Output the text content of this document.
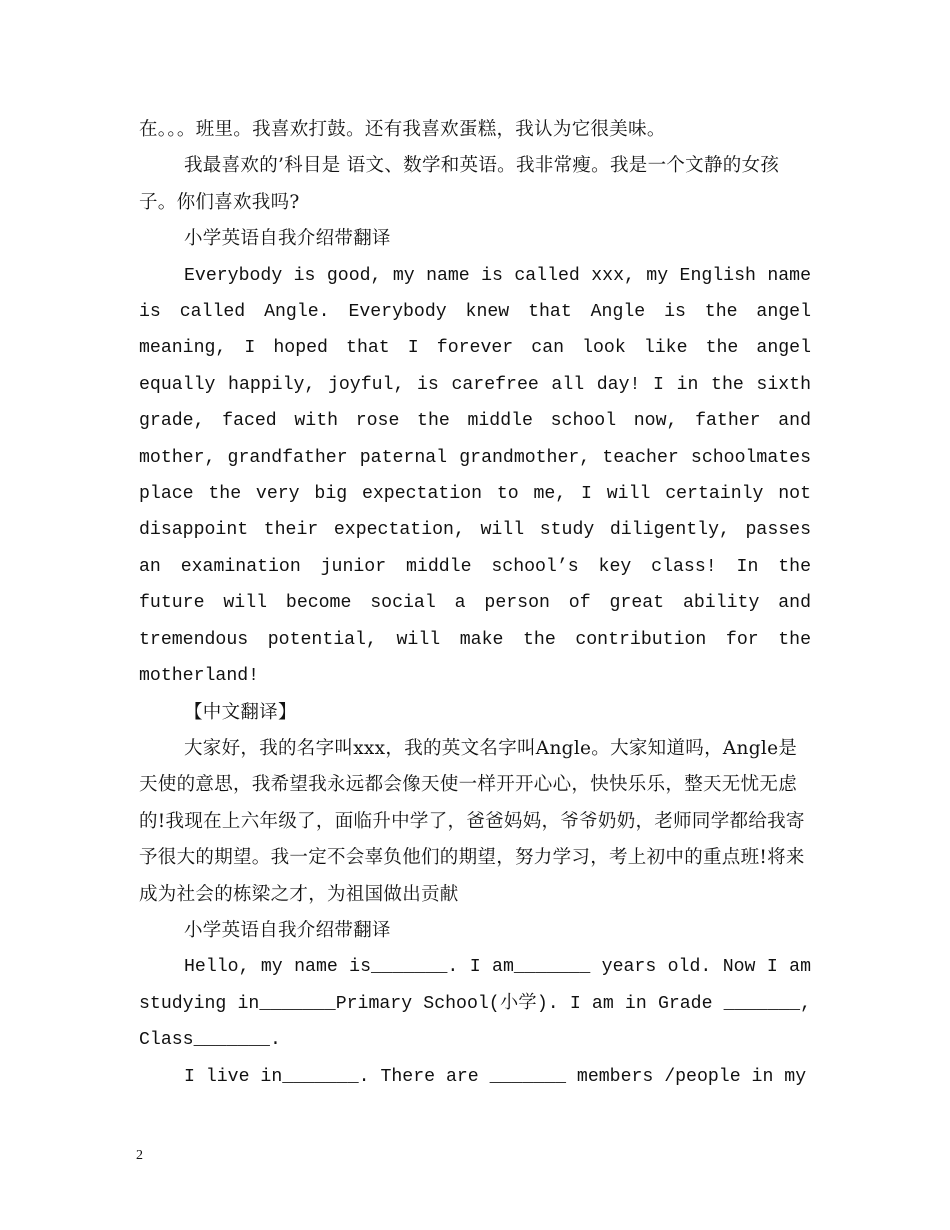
在。。。班里。我喜欢打鼓。还有我喜欢蛋糕，我认为它很美味。

我最喜欢的’科目是 语文、数学和英语。我非常瘦。我是一个文静的女孩子。你们喜欢我吗?

小学英语自我介绍带翻译

Everybody is good, my name is called xxx, my English name is called Angle. Everybody knew that Angle is the angel meaning, I hoped that I forever can look like the angel equally happily, joyful, is carefree all day! I in the sixth grade, faced with rose the middle school now, father and mother, grandfather paternal grandmother, teacher schoolmates place the very big expectation to me, I will certainly not disappoint their expectation, will study diligently, passes an examination junior middle school’s key class! In the future will become social a person of great ability and tremendous potential, will make the contribution for the motherland!

【中文翻译】

大家好，我的名字叫xxx，我的英文名字叫Angle。大家知道吗，Angle是天使的意思，我希望我永远都会像天使一样开开心心，快快乐乐，整天无忧无虑的!我现在上六年级了，面临升中学了，爸爸妈妈，爷爷奶奶，老师同学都给我寄予很大的期望。我一定不会辜负他们的期望，努力学习，考上初中的重点班!将来成为社会的栋梁之才，为祖国做出贡献

小学英语自我介绍带翻译

Hello, my name is_______. I am_______ years old. Now I am studying in_______Primary School(小学). I am in Grade _______, Class_______.

I live in_______. There are _______ members /people in my

2
